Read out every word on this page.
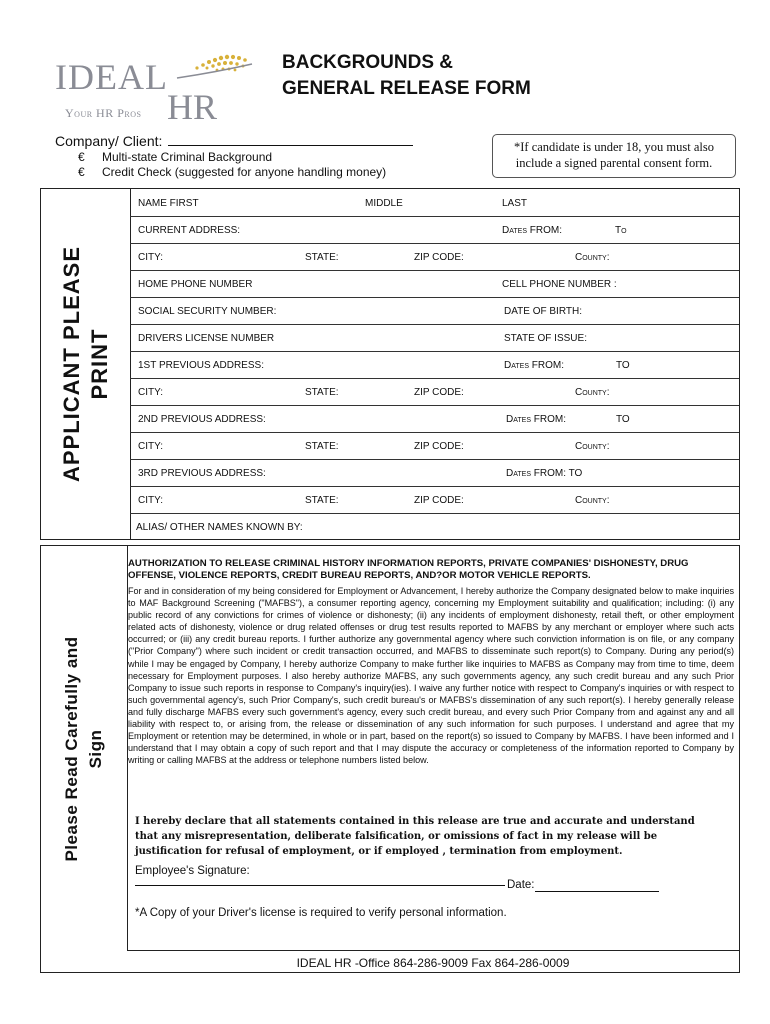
IDEAL
HR
Your HR Pros
BACKGROUNDS &
GENERAL RELEASE FORM
Company/ Client:
€ Multi-state Criminal Background
€ Credit Check (suggested for anyone handling money)
*If candidate is under 18, you must also
include a signed parental consent form.
APPLICANT PLEASE PRINT
NAME FIRST	MIDDLE	LAST
CURRENT ADDRESS:	Dates FROM:	To
CITY:	STATE:	ZIP CODE:	County:
HOME PHONE NUMBER	CELL PHONE NUMBER :
SOCIAL SECURITY NUMBER:	DATE OF BIRTH:
DRIVERS LICENSE NUMBER	STATE OF ISSUE:
1ST PREVIOUS ADDRESS:	Dates FROM:	TO
CITY:	STATE:	ZIP CODE:	County:
2ND PREVIOUS ADDRESS:	Dates FROM:	TO
CITY:	STATE:	ZIP CODE:	County:
3RD PREVIOUS ADDRESS:	Dates FROM: TO
CITY:	STATE:	ZIP CODE:	County:
ALIAS/ OTHER NAMES KNOWN BY:
Please Read Carefully and Sign
AUTHORIZATION TO RELEASE CRIMINAL HISTORY INFORMATION REPORTS, PRIVATE COMPANIES' DISHONESTY, DRUG OFFENSE, VIOLENCE REPORTS, CREDIT BUREAU REPORTS, AND?OR MOTOR VEHICLE REPORTS.
For and in consideration of my being considered for Employment or Advancement, I hereby authorize the Company designated below to make inquiries to MAF Background Screening ("MAFBS"), a consumer reporting agency, concerning my Employment suitability and qualification; including: (i) any public record of any convictions for crimes of violence or dishonesty; (ii) any incidents of employment dishonesty, retail theft, or other employment related acts of dishonesty, violence or drug related offenses or drug test results reported to MAFBS by any merchant or employer where such acts occurred; or (iii) any credit bureau reports. I further authorize any governmental agency where such conviction information is on file, or any company ("Prior Company") where such incident or credit transaction occurred, and MAFBS to disseminate such report(s) to Company. During any period(s) while I may be engaged by Company, I hereby authorize Company to make further like inquiries to MAFBS as Company may from time to time, deem necessary for Employment purposes. I also hereby authorize MAFBS, any such governments agency, any such credit bureau and any such Prior Company to issue such reports in response to Company's inquiry(ies). I waive any further notice with respect to Company's inquiries or with respect to such governmental agency's, such Prior Company's, such credit bureau's or MAFBS's dissemination of any such report(s). I hereby generally release and fully discharge MAFBS every such government's agency, every such credit bureau, and every such Prior Company from and against any and all liability with respect to, or arising from, the release or dissemination of any such information for such purposes. I understand and agree that my Employment or retention may be determined, in whole or in part, based on the report(s) so issued to Company by MAFBS. I have been informed and I understand that I may obtain a copy of such report and that I may dispute the accuracy or completeness of the information reported to Company by writing or calling MAFBS at the address or telephone numbers listed below.
I hereby declare that all statements contained in this release are true and accurate and understand that any misrepresentation, deliberate falsification, or omissions of fact in my release will be justification for refusal of employment, or if employed , termination from employment.
Employee's Signature:
Date:
*A Copy of your Driver's license is required to verify personal information.
IDEAL HR -Office 864-286-9009 Fax 864-286-0009
